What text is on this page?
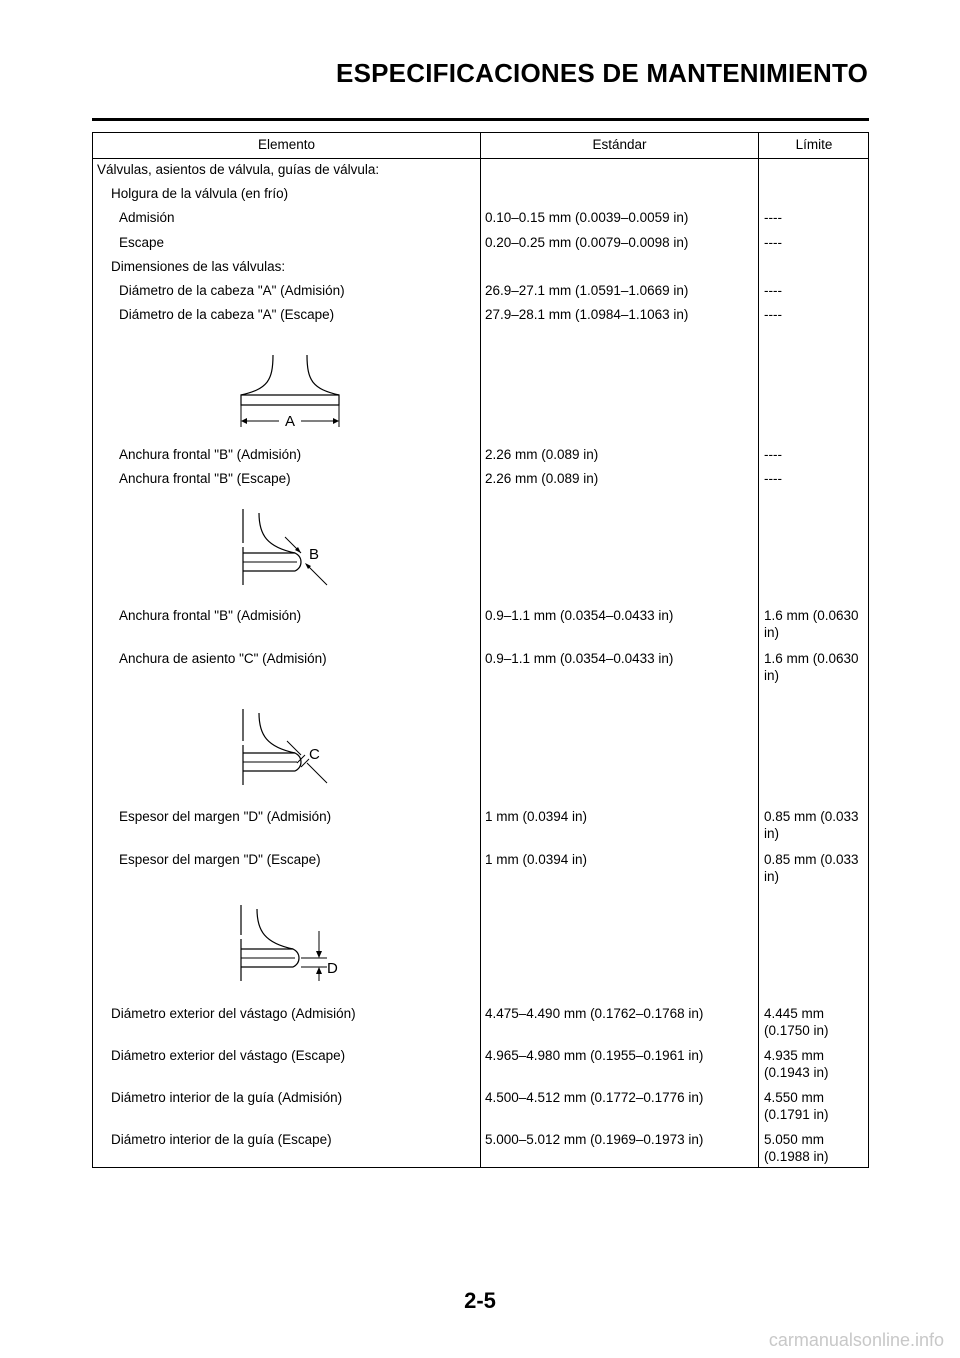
ESPECIFICACIONES DE MANTENIMIENTO
Elemento	Estándar	Límite
Válvulas, asientos de válvula, guías de válvula:
Holgura de la válvula (en frío)
Admisión	0.10–0.15 mm (0.0039–0.0059 in)	----
Escape	0.20–0.25 mm (0.0079–0.0098 in)	----
Dimensiones de las válvulas:
Diámetro de la cabeza "A" (Admisión)	26.9–27.1 mm (1.0591–1.0669 in)	----
Diámetro de la cabeza "A" (Escape)	27.9–28.1 mm (1.0984–1.1063 in)	----
A
Anchura frontal "B" (Admisión)	2.26 mm (0.089 in)	----
Anchura frontal "B" (Escape)	2.26 mm (0.089 in)	----
B
Anchura frontal "B" (Admisión)	0.9–1.1 mm (0.0354–0.0433 in)	1.6 mm (0.0630 in)
Anchura de asiento "C" (Admisión)	0.9–1.1 mm (0.0354–0.0433 in)	1.6 mm (0.0630 in)
C
Espesor del margen "D" (Admisión)	1 mm (0.0394 in)	0.85 mm (0.033 in)
Espesor del margen "D" (Escape)	1 mm (0.0394 in)	0.85 mm (0.033 in)
D
Diámetro exterior del vástago (Admisión)	4.475–4.490 mm (0.1762–0.1768 in)	4.445 mm (0.1750 in)
Diámetro exterior del vástago (Escape)	4.965–4.980 mm (0.1955–0.1961 in)	4.935 mm (0.1943 in)
Diámetro interior de la guía (Admisión)	4.500–4.512 mm (0.1772–0.1776 in)	4.550 mm (0.1791 in)
Diámetro interior de la guía (Escape)	5.000–5.012 mm (0.1969–0.1973 in)	5.050 mm (0.1988 in)
2-5
carmanualsonline.info
